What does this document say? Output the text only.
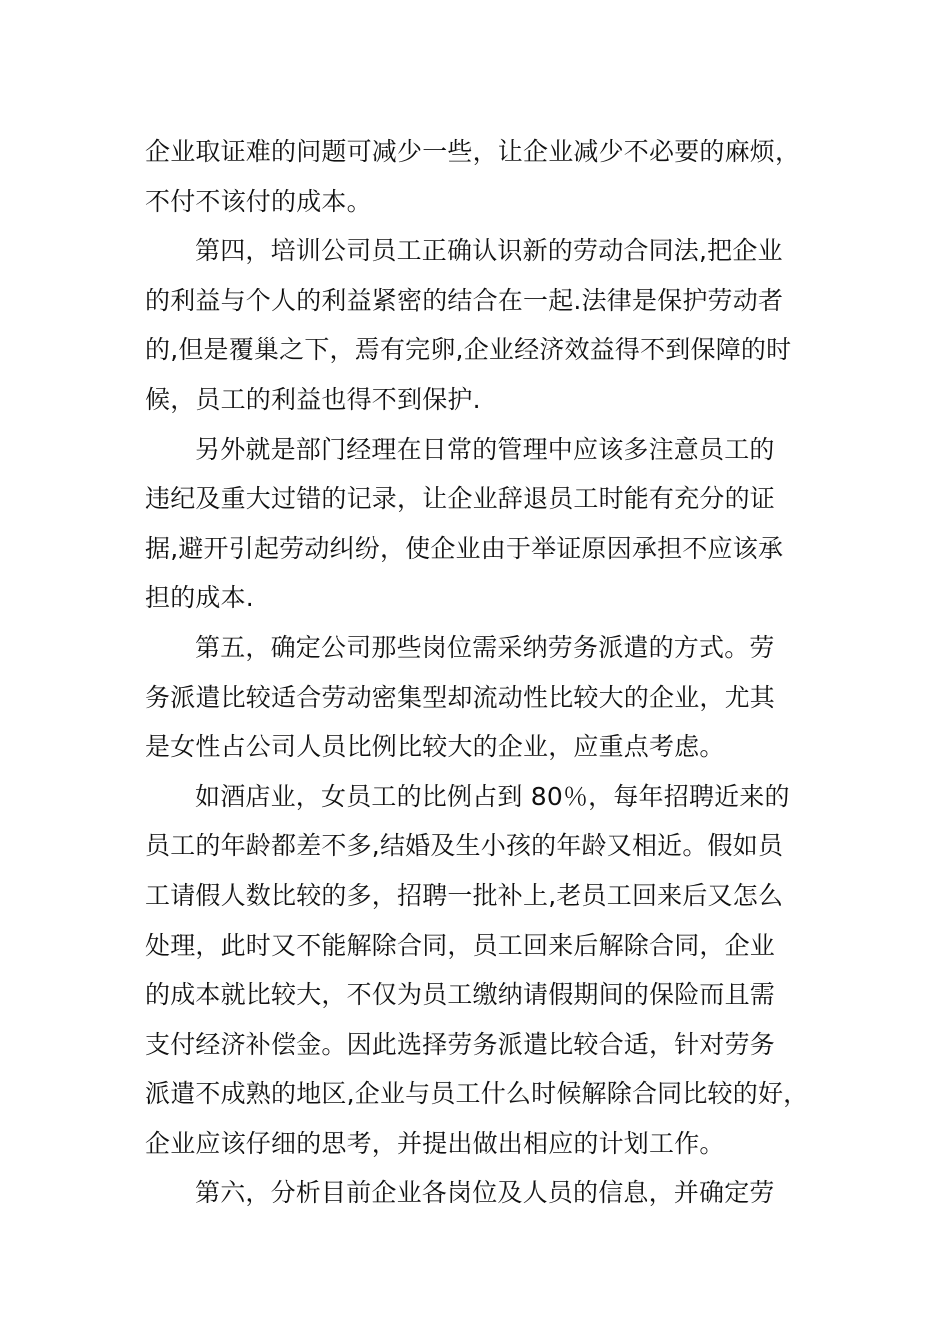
企业取证难的问题可减少一些，让企业减少不必要的麻烦，
不付不该付的成本。
第四，培训公司员工正确认识新的劳动合同法,把企业
的利益与个人的利益紧密的结合在一起.法律是保护劳动者
的,但是覆巢之下，焉有完卵,企业经济效益得不到保障的时
候，员工的利益也得不到保护.
另外就是部门经理在日常的管理中应该多注意员工的
违纪及重大过错的记录，让企业辞退员工时能有充分的证
据,避开引起劳动纠纷，使企业由于举证原因承担不应该承
担的成本.
第五，确定公司那些岗位需采纳劳务派遣的方式。劳
务派遣比较适合劳动密集型却流动性比较大的企业，尤其
是女性占公司人员比例比较大的企业，应重点考虑。
如酒店业，女员工的比例占到 80％，每年招聘近来的
员工的年龄都差不多,结婚及生小孩的年龄又相近。假如员
工请假人数比较的多，招聘一批补上,老员工回来后又怎么
处理，此时又不能解除合同，员工回来后解除合同，企业
的成本就比较大，不仅为员工缴纳请假期间的保险而且需
支付经济补偿金。因此选择劳务派遣比较合适，针对劳务
派遣不成熟的地区,企业与员工什么时候解除合同比较的好，
企业应该仔细的思考，并提出做出相应的计划工作。
第六，分析目前企业各岗位及人员的信息，并确定劳
